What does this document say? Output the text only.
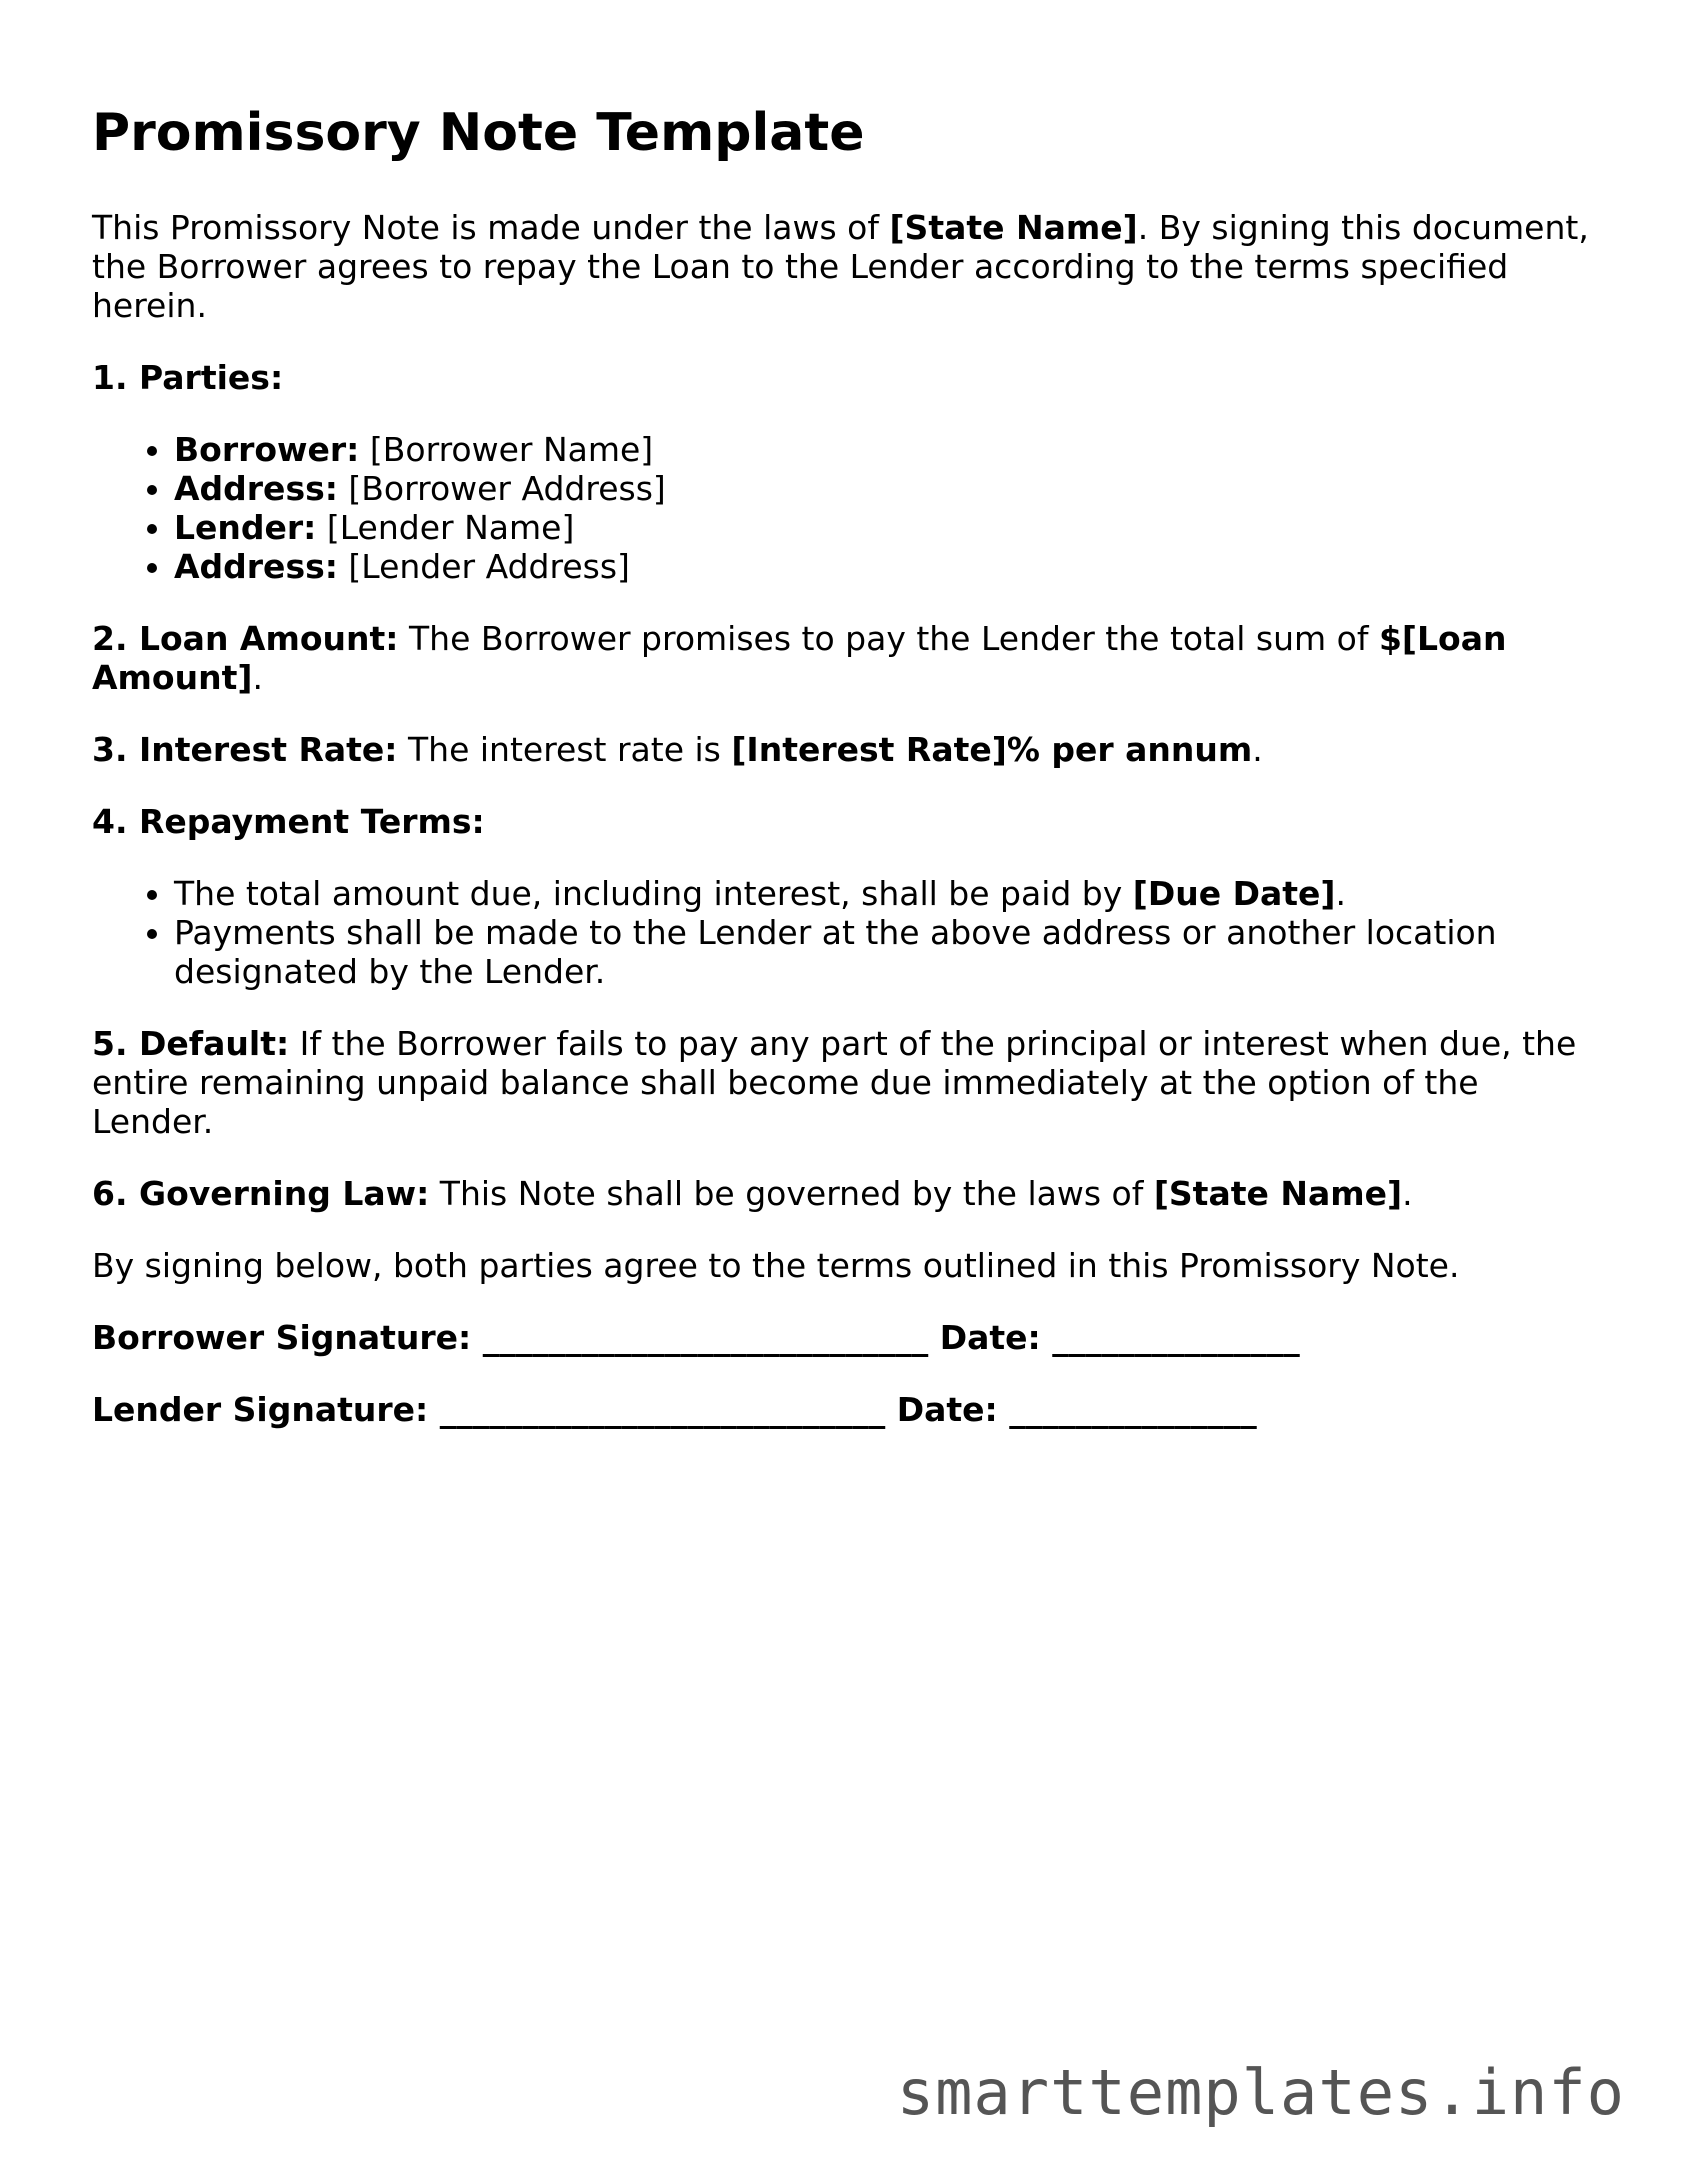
Promissory Note Template

This Promissory Note is made under the laws of [State Name]. By signing this document, the Borrower agrees to repay the Loan to the Lender according to the terms specified herein.

1. Parties:

• Borrower: [Borrower Name]
• Address: [Borrower Address]
• Lender: [Lender Name]
• Address: [Lender Address]

2. Loan Amount: The Borrower promises to pay the Lender the total sum of $[Loan Amount].

3. Interest Rate: The interest rate is [Interest Rate]% per annum.

4. Repayment Terms:

• The total amount due, including interest, shall be paid by [Due Date].
• Payments shall be made to the Lender at the above address or another location designated by the Lender.

5. Default: If the Borrower fails to pay any part of the principal or interest when due, the entire remaining unpaid balance shall become due immediately at the option of the Lender.

6. Governing Law: This Note shall be governed by the laws of [State Name].

By signing below, both parties agree to the terms outlined in this Promissory Note.

Borrower Signature: ___________________________ Date: _______________

Lender Signature: ___________________________ Date: _______________

smarttemplates.info
